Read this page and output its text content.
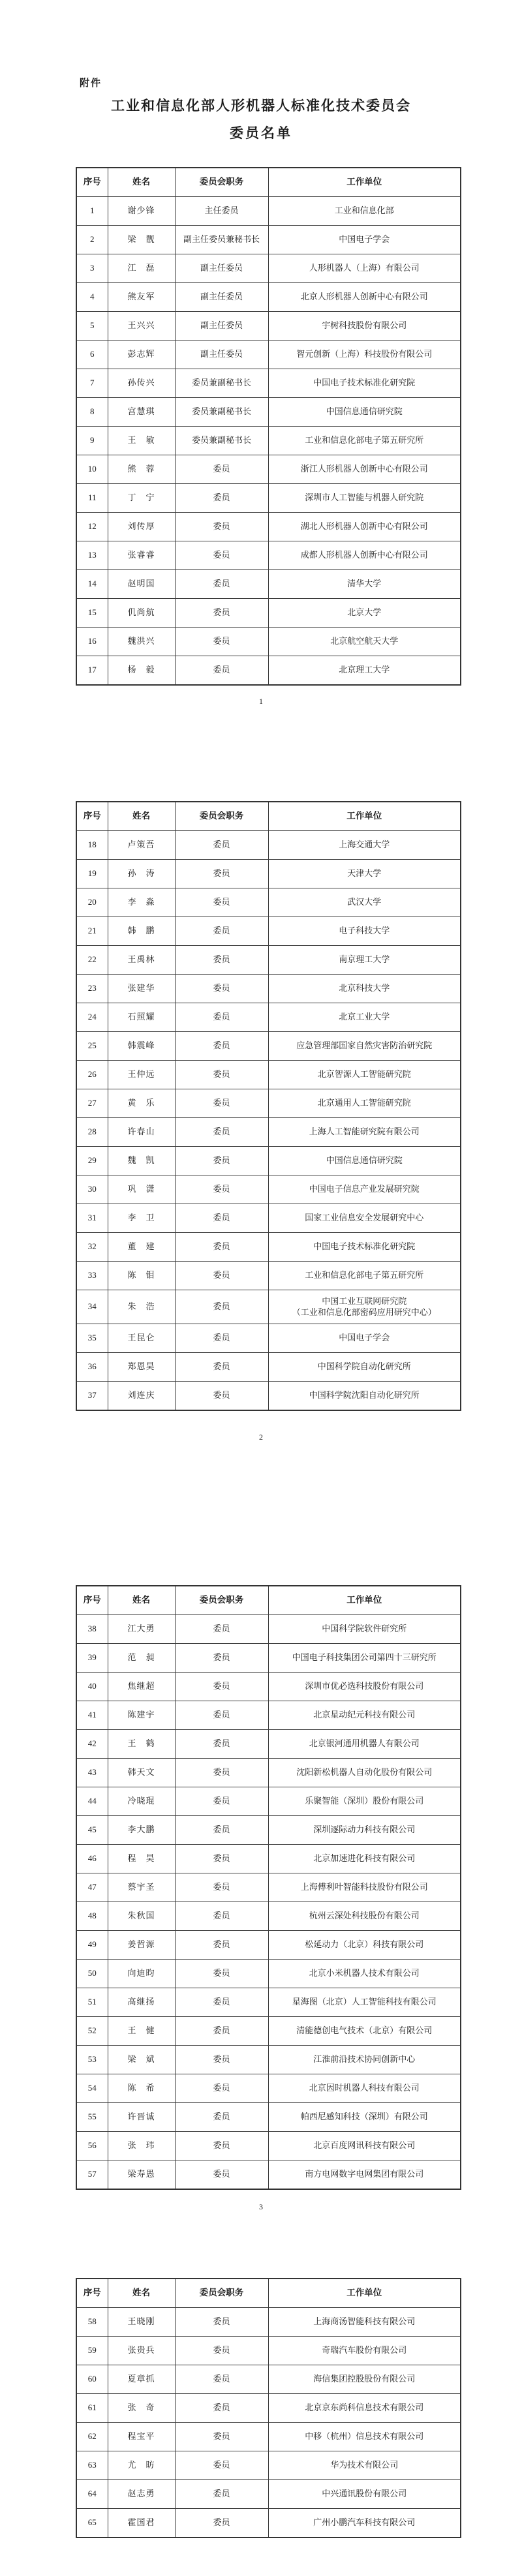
附件
工业和信息化部人形机器人标准化技术委员会
委员名单
序号	姓名	委员会职务	工作单位
1	谢少锋	主任委员	工业和信息化部
2	梁　靓	副主任委员兼秘书长	中国电子学会
3	江　磊	副主任委员	人形机器人（上海）有限公司
4	熊友军	副主任委员	北京人形机器人创新中心有限公司
5	王兴兴	副主任委员	宇树科技股份有限公司
6	彭志辉	副主任委员	智元创新（上海）科技股份有限公司
7	孙传兴	委员兼副秘书长	中国电子技术标准化研究院
8	宫慧琪	委员兼副秘书长	中国信息通信研究院
9	王　敏	委员兼副秘书长	工业和信息化部电子第五研究所
10	熊　蓉	委员	浙江人形机器人创新中心有限公司
11	丁　宁	委员	深圳市人工智能与机器人研究院
12	刘传厚	委员	湖北人形机器人创新中心有限公司
13	张睿睿	委员	成都人形机器人创新中心有限公司
14	赵明国	委员	清华大学
15	仉尚航	委员	北京大学
16	魏洪兴	委员	北京航空航天大学
17	杨　毅	委员	北京理工大学
1
序号	姓名	委员会职务	工作单位
18	卢策吾	委员	上海交通大学
19	孙　涛	委员	天津大学
20	李　淼	委员	武汉大学
21	韩　鹏	委员	电子科技大学
22	王禹林	委员	南京理工大学
23	张建华	委员	北京科技大学
24	石照耀	委员	北京工业大学
25	韩震峰	委员	应急管理部国家自然灾害防治研究院
26	王仲远	委员	北京智源人工智能研究院
27	黄　乐	委员	北京通用人工智能研究院
28	许春山	委员	上海人工智能研究院有限公司
29	魏　凯	委员	中国信息通信研究院
30	巩　潇	委员	中国电子信息产业发展研究院
31	李　卫	委员	国家工业信息安全发展研究中心
32	董　建	委员	中国电子技术标准化研究院
33	陈　钼	委员	工业和信息化部电子第五研究所
34	朱　浩	委员	中国工业互联网研究院
（工业和信息化部密码应用研究中心）

35	王昆仑	委员	中国电子学会
36	郑恩昊	委员	中国科学院自动化研究所
37	刘连庆	委员	中国科学院沈阳自动化研究所
2
序号	姓名	委员会职务	工作单位
38	江大勇	委员	中国科学院软件研究所
39	范　昶	委员	中国电子科技集团公司第四十三研究所
40	焦继超	委员	深圳市优必选科技股份有限公司
41	陈建宇	委员	北京星动纪元科技有限公司
42	王　鹤	委员	北京银河通用机器人有限公司
43	韩天文	委员	沈阳新松机器人自动化股份有限公司
44	冷晓琨	委员	乐聚智能（深圳）股份有限公司
45	李大鹏	委员	深圳逐际动力科技有限公司
46	程　昊	委员	北京加速进化科技有限公司
47	蔡宇圣	委员	上海傅利叶智能科技股份有限公司
48	朱秋国	委员	杭州云深处科技股份有限公司
49	姜哲源	委员	松延动力（北京）科技有限公司
50	向迪昀	委员	北京小米机器人技术有限公司
51	高继扬	委员	星海图（北京）人工智能科技有限公司
52	王　健	委员	清能德创电气技术（北京）有限公司
53	梁　斌	委员	江淮前沿技术协同创新中心
54	陈　希	委员	北京因时机器人科技有限公司
55	许晋诚	委员	帕西尼感知科技（深圳）有限公司
56	张　玮	委员	北京百度网讯科技有限公司
57	梁寿愚	委员	南方电网数字电网集团有限公司
3
序号	姓名	委员会职务	工作单位
58	王晓刚	委员	上海商汤智能科技有限公司
59	张贵兵	委员	奇瑞汽车股份有限公司
60	夏章抓	委员	海信集团控股股份有限公司
61	张　奇	委员	北京京东尚科信息技术有限公司
62	程宝平	委员	中移（杭州）信息技术有限公司
63	尤　昉	委员	华为技术有限公司
64	赵志勇	委员	中兴通讯股份有限公司
65	霍国君	委员	广州小鹏汽车科技有限公司
